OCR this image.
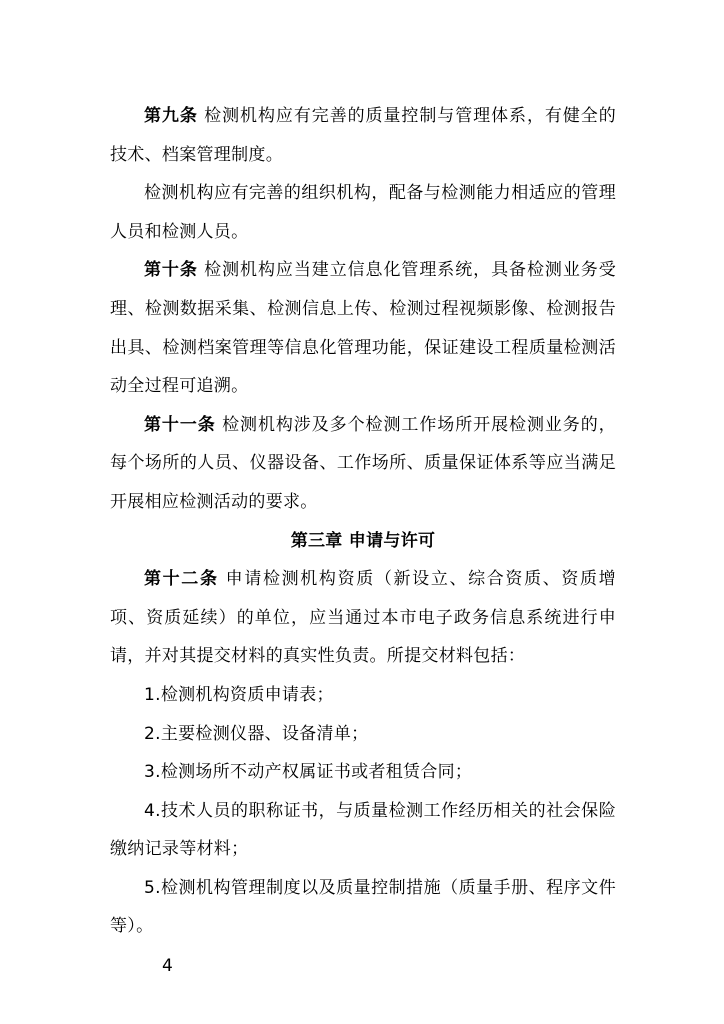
第九条 检测机构应有完善的质量控制与管理体系，有健全的技术、档案管理制度。

检测机构应有完善的组织机构，配备与检测能力相适应的管理人员和检测人员。

第十条 检测机构应当建立信息化管理系统，具备检测业务受理、检测数据采集、检测信息上传、检测过程视频影像、检测报告出具、检测档案管理等信息化管理功能，保证建设工程质量检测活动全过程可追溯。

第十一条 检测机构涉及多个检测工作场所开展检测业务的，每个场所的人员、仪器设备、工作场所、质量保证体系等应当满足开展相应检测活动的要求。

第三章 申请与许可

第十二条 申请检测机构资质（新设立、综合资质、资质增项、资质延续）的单位，应当通过本市电子政务信息系统进行申请，并对其提交材料的真实性负责。所提交材料包括：

1.检测机构资质申请表；

2.主要检测仪器、设备清单；

3.检测场所不动产权属证书或者租赁合同；

4.技术人员的职称证书，与质量检测工作经历相关的社会保险缴纳记录等材料；

5.检测机构管理制度以及质量控制措施（质量手册、程序文件等）。

4
